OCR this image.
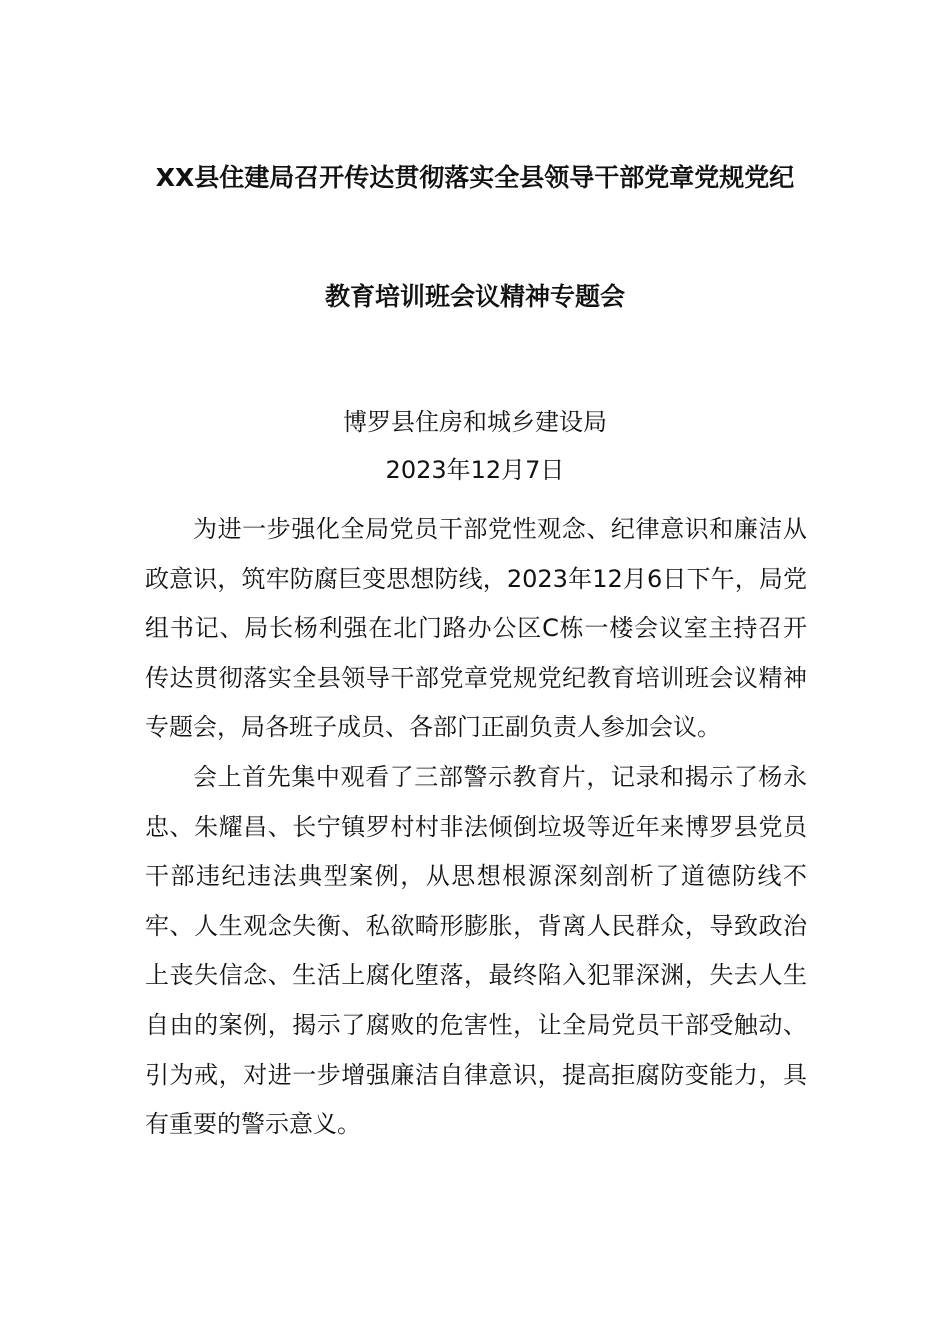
XX县住建局召开传达贯彻落实全县领导干部党章党规党纪
教育培训班会议精神专题会

博罗县住房和城乡建设局

2023年12月7日

为进一步强化全局党员干部党性观念、纪律意识和廉洁从政意识，筑牢防腐巨变思想防线，2023年12月6日下午，局党组书记、局长杨利强在北门路办公区C栋一楼会议室主持召开传达贯彻落实全县领导干部党章党规党纪教育培训班会议精神专题会，局各班子成员、各部门正副负责人参加会议。

会上首先集中观看了三部警示教育片，记录和揭示了杨永忠、朱耀昌、长宁镇罗村村非法倾倒垃圾等近年来博罗县党员干部违纪违法典型案例，从思想根源深刻剖析了道德防线不牢、人生观念失衡、私欲畸形膨胀，背离人民群众，导致政治上丧失信念、生活上腐化堕落，最终陷入犯罪深渊，失去人生自由的案例，揭示了腐败的危害性，让全局党员干部受触动、引为戒，对进一步增强廉洁自律意识，提高拒腐防变能力，具有重要的警示意义。
